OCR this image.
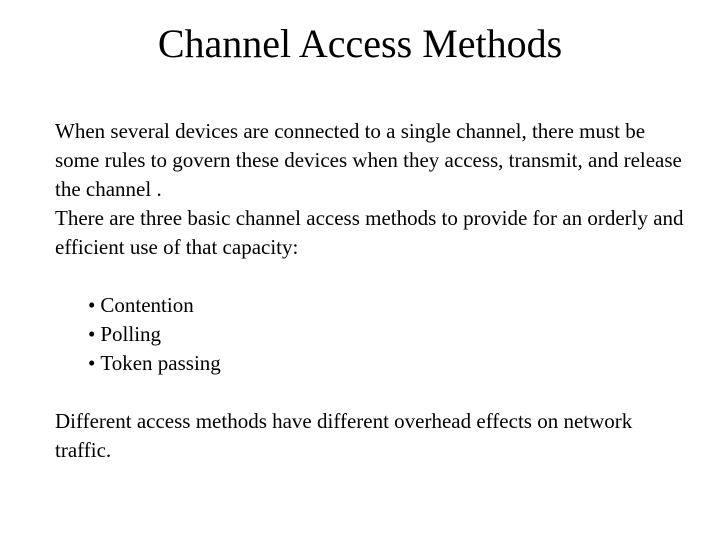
Channel Access Methods

When several devices are connected to a single channel, there must be some rules to govern these devices when they access, transmit, and release the channel .

There are three basic channel access methods to provide for an orderly and efficient use of that capacity:

• Contention
• Polling
• Token passing

Different access methods have different overhead effects on network traffic.
